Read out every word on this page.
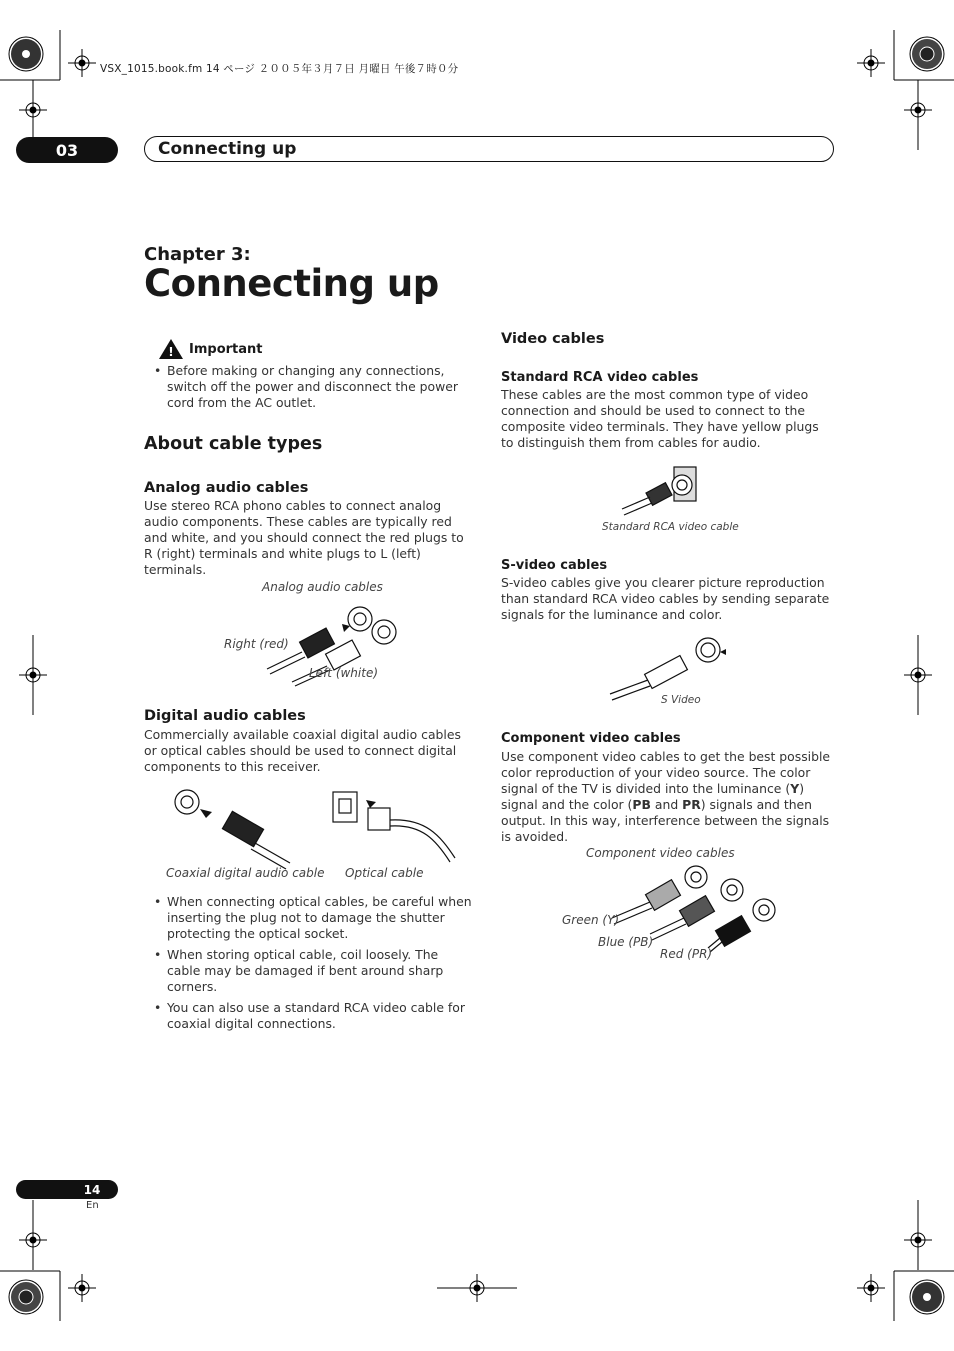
VSX_1015.book.fm 14 ページ ２００５年３月７日 月曜日 午後７時０分
03	Connecting up
Chapter 3:
Connecting up
! Important
• Before making or changing any connections, switch off the power and disconnect the power cord from the AC outlet.
About cable types
Analog audio cables
Use stereo RCA phono cables to connect analog audio components. These cables are typically red and white, and you should connect the red plugs to R (right) terminals and white plugs to L (left) terminals.
Analog audio cables
Right (red)
Left (white)
Digital audio cables
Commercially available coaxial digital audio cables or optical cables should be used to connect digital components to this receiver.
Coaxial digital audio cable Optical cable
• When connecting optical cables, be careful when inserting the plug not to damage the shutter protecting the optical socket.
• When storing optical cable, coil loosely. The cable may be damaged if bent around sharp corners.
• You can also use a standard RCA video cable for coaxial digital connections.
Video cables
Standard RCA video cables
These cables are the most common type of video connection and should be used to connect to the composite video terminals. They have yellow plugs to distinguish them from cables for audio.
Standard RCA video cable
S-video cables
S-video cables give you clearer picture reproduction than standard RCA video cables by sending separate signals for the luminance and color.
S Video
Component video cables
Use component video cables to get the best possible color reproduction of your video source. The color signal of the TV is divided into the luminance (Y) signal and the color (PB and PR) signals and then output. In this way, interference between the signals is avoided.
Component video cables
Green (Y)
Blue (PB)
Red (PR)
14
En
